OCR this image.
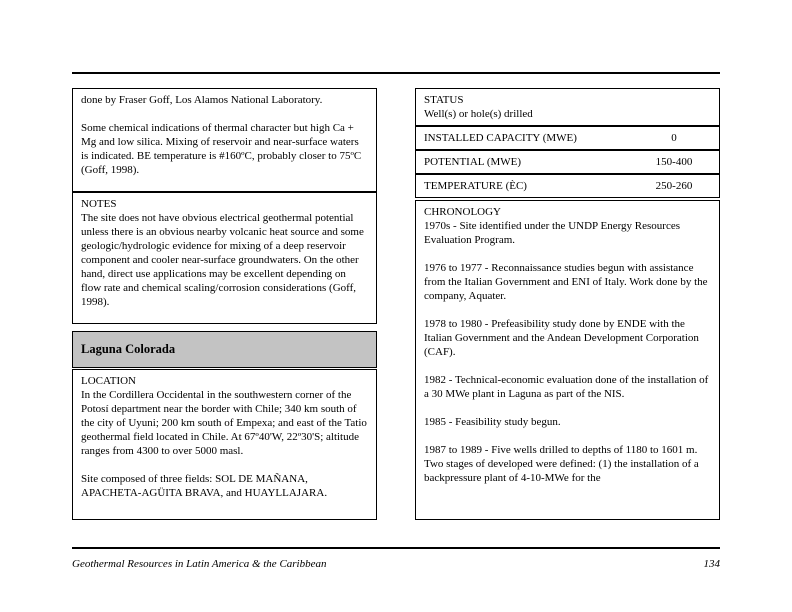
done by Fraser Goff, Los Alamos National Laboratory.

Some chemical indications of thermal character but high Ca + Mg and low silica. Mixing of reservoir and near-surface waters is indicated. BE temperature is #160ºC, probably closer to 75ºC (Goff, 1998).

NOTES

The site does not have obvious electrical geothermal potential unless there is an obvious nearby volcanic heat source and some geologic/hydrologic evidence for mixing of a deep reservoir component and cooler near-surface groundwaters. On the other hand, direct use applications may be excellent depending on flow rate and chemical scaling/corrosion considerations (Goff, 1998).

Laguna Colorada

LOCATION

In the Cordillera Occidental in the southwestern corner of the Potosí department near the border with Chile; 340 km south of the city of Uyuni; 200 km south of Empexa; and east of the Tatio geothermal field located in Chile. At 67º40'W, 22º30'S; altitude ranges from 4300 to over 5000 masl.

Site composed of three fields: SOL DE MAÑANA, APACHETA-AGÜITA BRAVA, and HUAYLLAJARA.

STATUS

Well(s) or hole(s) drilled

INSTALLED CAPACITY (MWE)	0
POTENTIAL (MWE)	150-400
TEMPERATURE (ÈC)	250-260

CHRONOLOGY

1970s - Site identified under the UNDP Energy Resources Evaluation Program.

1976 to 1977 - Reconnaissance studies begun with assistance from the Italian Government and ENI of Italy. Work done by the company, Aquater.

1978 to 1980 - Prefeasibility study done by ENDE with the Italian Government and the Andean Development Corporation (CAF).

1982 - Technical-economic evaluation done of the installation of a 30 MWe plant in Laguna as part of the NIS.

1985 - Feasibility study begun.

1987 to 1989 - Five wells drilled to depths of 1180 to 1601 m. Two stages of developed were defined: (1) the installation of a backpressure plant of 4-10-MWe for the

Geothermal Resources in Latin America & the Caribbean	134
